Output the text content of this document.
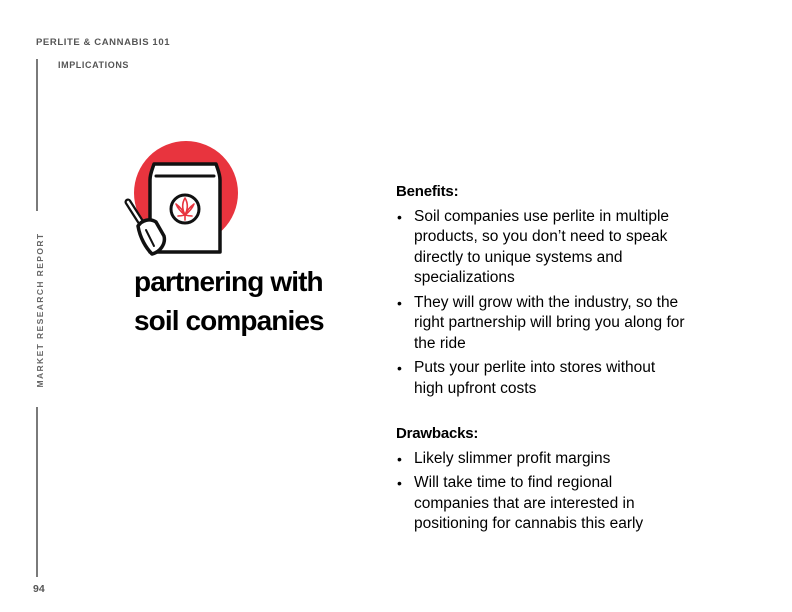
PERLITE & CANNABIS 101
IMPLICATIONS
MARKET RESEARCH REPORT
94
partnering with
soil companies
Benefits:
• Soil companies use perlite in multiple products, so you don’t need to speak directly to unique systems and specializations
• They will grow with the industry, so the right partnership will bring you along for the ride
• Puts your perlite into stores without high upfront costs
Drawbacks:
• Likely slimmer profit margins
• Will take time to find regional companies that are interested in positioning for cannabis this early
